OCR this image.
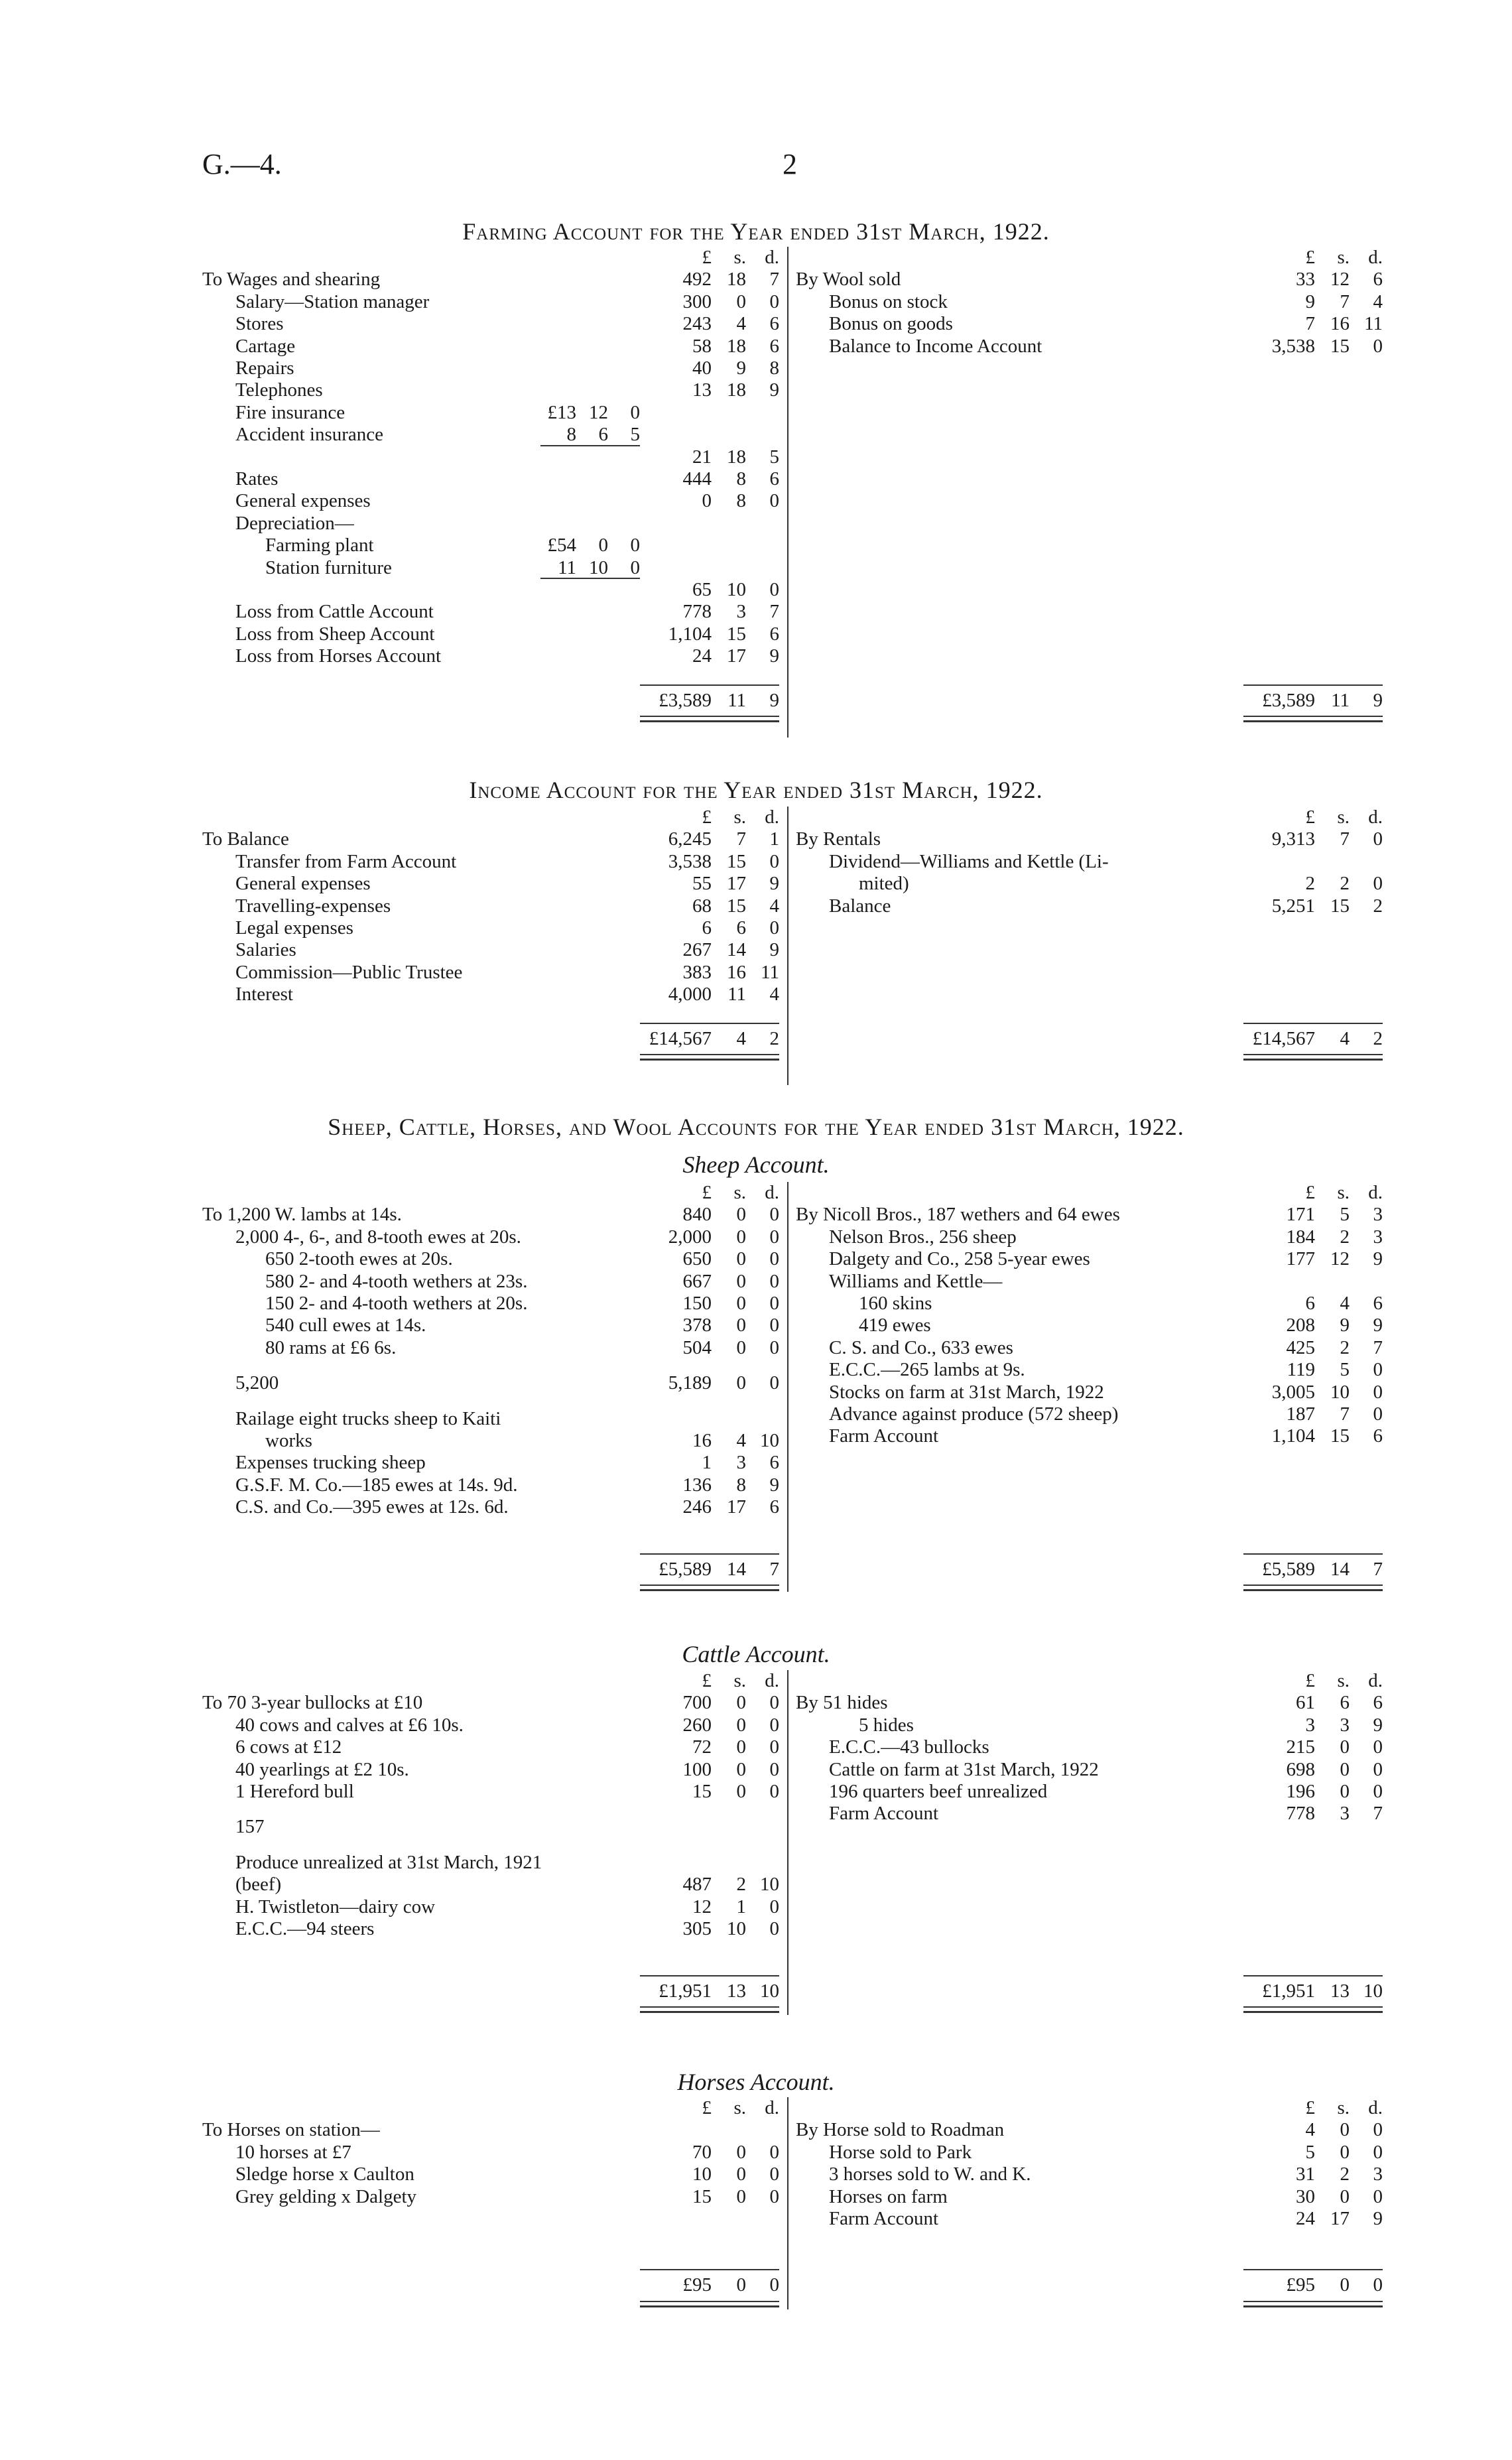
G.—4.	2
Farming Account for the Year ended 31st March, 1922.
£	s. d.
To Wages and shearing	492 18	7
Salary—Station manager	300	0	0
Stores	243	4	6
Cartage	58 18	6
Repairs	40	9	8
Telephones	13 18	9
Fire insurance	£13 12	0
Accident insurance	8	6	5
21 18	5
Rates	444	8	6
General expenses	0	8	0
Depreciation—
Farming plant	£54	0	0
Station furniture	11 10	0
65 10	0
Loss from Cattle Account	778	3	7
Loss from Sheep Account	1,104 15	6
Loss from Horses Account	24 17	9
£3,589 11	9
£	s. d.
By Wool sold	33 12	6
Bonus on stock	9	7	4
Bonus on goods	7 16 11
Balance to Income Account	3,538 15	0
£3,589 11	9
Income Account for the Year ended 31st March, 1922.
£	s. d.
To Balance	6,245	7	1
Transfer from Farm Account	3,538 15	0
General expenses	55 17	9
Travelling-expenses	68 15	4
Legal expenses	6	6	0
Salaries	267 14	9
Commission—Public Trustee	383 16 11
Interest	4,000 11	4
£14,567	4	2
£	s. d.
By Rentals	9,313	7	0
Dividend—Williams and Kettle (Li-
mited)	2	2	0
Balance	5,251 15	2
£14,567	4	2
Sheep, Cattle, Horses, and Wool Accounts for the Year ended 31st March, 1922.
Sheep Account.
£	s. d.
To 1,200 W. lambs at 14s.	840	0	0
2,000 4-, 6-, and 8-tooth ewes at 20s.	2,000	0	0
650 2-tooth ewes at 20s.	650	0	0
580 2- and 4-tooth wethers at 23s.	667	0	0
150 2- and 4-tooth wethers at 20s.	150	0	0
540 cull ewes at 14s.	378	0	0
80 rams at £6 6s.	504	0	0
5,200	5,189	0	0
Railage eight trucks sheep to Kaiti
works	16	4 10
Expenses trucking sheep	1	3	6
G.S.F. M. Co.—185 ewes at 14s. 9d.	136	8	9
C.S. and Co.—395 ewes at 12s. 6d.	246 17	6
£5,589 14	7
£	s. d.
By Nicoll Bros., 187 wethers and 64 ewes	171	5	3
Nelson Bros., 256 sheep	184	2	3
Dalgety and Co., 258 5-year ewes	177 12	9
Williams and Kettle—
160 skins	6	4	6
419 ewes	208	9	9
C. S. and Co., 633 ewes	425	2	7
E.C.C.—265 lambs at 9s.	119	5	0
Stocks on farm at 31st March, 1922	3,005 10	0
Advance against produce (572 sheep)	187	7	0
Farm Account	1,104 15	6
£5,589 14	7
Cattle Account.
£	s. d.
To 70 3-year bullocks at £10	700	0	0
40 cows and calves at £6 10s.	260	0	0
6 cows at £12	72	0	0
40 yearlings at £2 10s.	100	0	0
1 Hereford bull	15	0	0
157
Produce unrealized at 31st March, 1921
(beef)	487	2 10
H. Twistleton—dairy cow	12	1	0
E.C.C.—94 steers	305 10	0
£1,951 13 10
£	s. d.
By 51 hides	61	6	6
5 hides	3	3	9
E.C.C.—43 bullocks	215	0	0
Cattle on farm at 31st March, 1922	698	0	0
196 quarters beef unrealized	196	0	0
Farm Account	778	3	7
£1,951 13 10
Horses Account.
£	s. d.
To Horses on station—
10 horses at £7	70	0	0
Sledge horse x Caulton	10	0	0
Grey gelding x Dalgety	15	0	0
£95	0	0
£	s. d.
By Horse sold to Roadman	4	0	0
Horse sold to Park	5	0	0
3 horses sold to W. and K.	31	2	3
Horses on farm	30	0	0
Farm Account	24 17	9
£95	0	0
